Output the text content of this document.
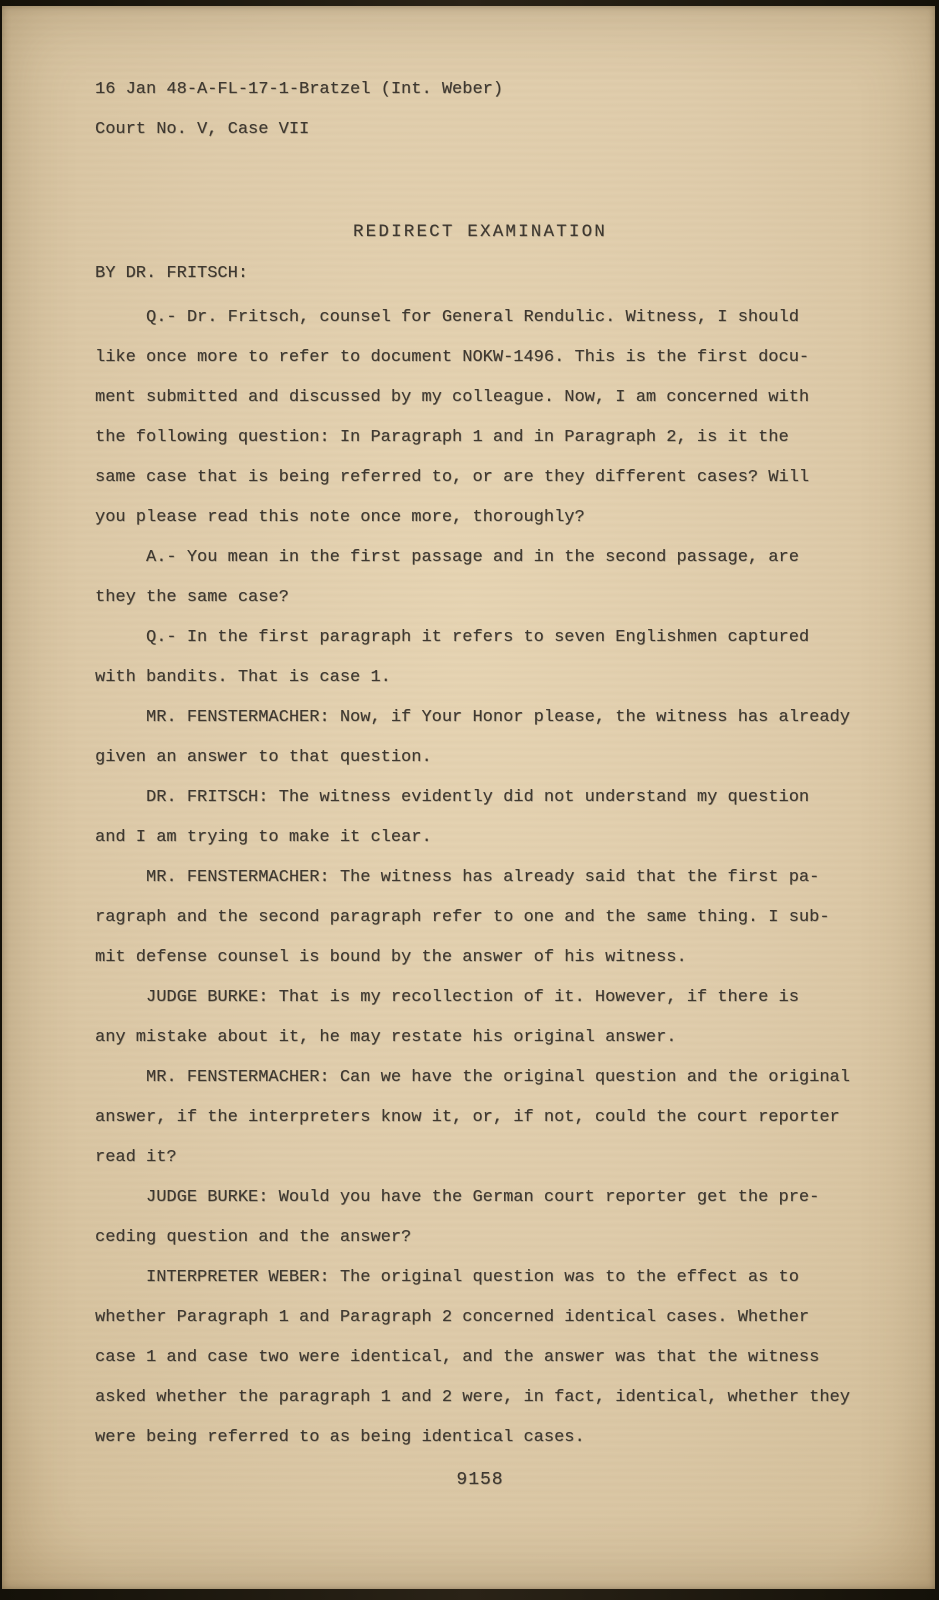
16 Jan 48-A-FL-17-1-Bratzel (Int. Weber)
Court No. V, Case VII
REDIRECT EXAMINATION
BY DR. FRITSCH:
Q.- Dr. Fritsch, counsel for General Rendulic. Witness, I should
like once more to refer to document NOKW-1496. This is the first docu-
ment submitted and discussed by my colleague. Now, I am concerned with
the following question: In Paragraph 1 and in Paragraph 2, is it the
same case that is being referred to, or are they different cases? Will
you please read this note once more, thoroughly?
A.- You mean in the first passage and in the second passage, are
they the same case?
Q.- In the first paragraph it refers to seven Englishmen captured
with bandits. That is case 1.
MR. FENSTERMACHER: Now, if Your Honor please, the witness has already
given an answer to that question.
DR. FRITSCH: The witness evidently did not understand my question
and I am trying to make it clear.
MR. FENSTERMACHER: The witness has already said that the first pa-
ragraph and the second paragraph refer to one and the same thing. I sub-
mit defense counsel is bound by the answer of his witness.
JUDGE BURKE: That is my recollection of it. However, if there is
any mistake about it, he may restate his original answer.
MR. FENSTERMACHER: Can we have the original question and the original
answer, if the interpreters know it, or, if not, could the court reporter
read it?
JUDGE BURKE: Would you have the German court reporter get the pre-
ceding question and the answer?
INTERPRETER WEBER: The original question was to the effect as to
whether Paragraph 1 and Paragraph 2 concerned identical cases. Whether
case 1 and case two were identical, and the answer was that the witness
asked whether the paragraph 1 and 2 were, in fact, identical, whether they
were being referred to as being identical cases.
9158
